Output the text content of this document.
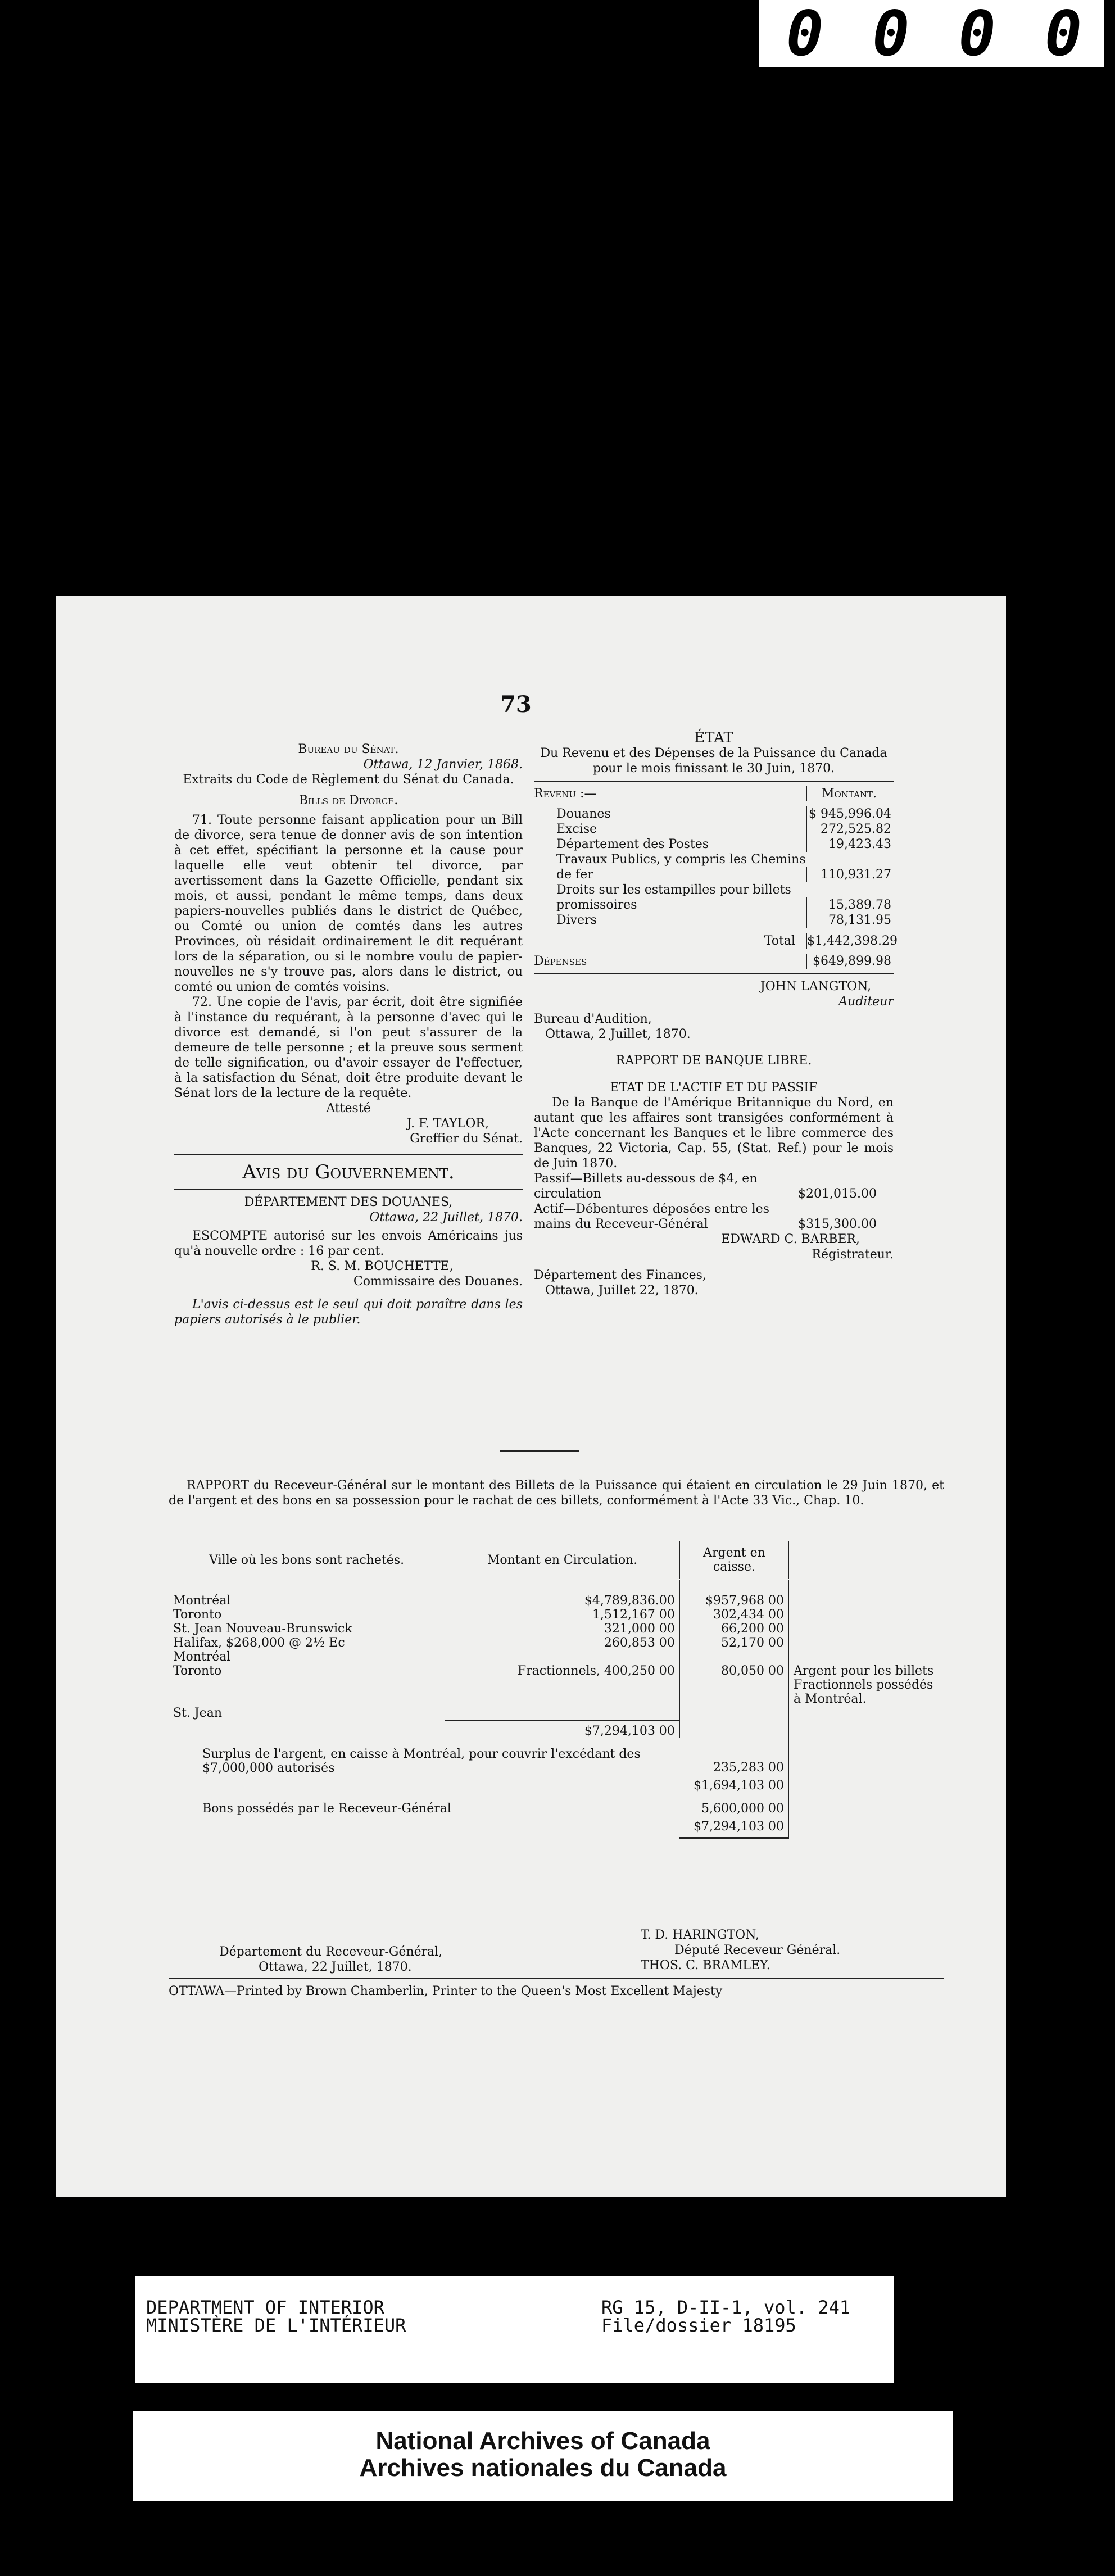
0 0 0 0
73
Bureau du Sénat.
Ottawa, 12 Janvier, 1868.
Extraits du Code de Règlement du Sénat du Canada.
Bills de Divorce.

71. Toute personne faisant application pour un Bill de divorce, sera tenue de donner avis de son intention à cet effet, spécifiant la personne et la cause pour laquelle elle veut obtenir tel divorce, par avertissement dans la Gazette Officielle, pendant six mois, et aussi, pendant le même temps, dans deux papiers-nouvelles publiés dans le district de Québec, ou Comté ou union de comtés dans les autres Provinces, où résidait ordinairement le dit requérant lors de la séparation, ou si le nombre voulu de papier-nouvelles ne s'y trouve pas, alors dans le district, ou comté ou union de comtés voisins.

72. Une copie de l'avis, par écrit, doit être signifiée à l'instance du requérant, à la personne d'avec qui le divorce est demandé, si l'on peut s'assurer de la demeure de telle personne ; et la preuve sous serment de telle signification, ou d'avoir essayer de l'effectuer, à la satisfaction du Sénat, doit être produite devant le Sénat lors de la lecture de la requête.

Attesté
J. F. TAYLOR,
Greffier du Sénat.
Avis du Gouvernement.
DÉPARTEMENT DES DOUANES,
Ottawa, 22 Juillet, 1870.

ESCOMPTE autorisé sur les envois Américains jus qu'à nouvelle ordre : 16 par cent.

R. S. M. BOUCHETTE,
Commissaire des Douanes.

L'avis ci-dessus est le seul qui doit paraître dans les papiers autorisés à le publier.

ÉTAT
Du Revenu et des Dépenses de la Puissance du Canada pour le mois finissant le 30 Juin, 1870.
Revenu :—	Montant.
Douanes	$ 945,996.04
Excise	272,525.82
Département des Postes	19,423.43
Travaux Publics, y compris les Chemins de fer	110,931.27
Droits sur les estampilles pour billets promissoires	15,389.78
Divers	78,131.95
Total $1,442,398.29
Dépenses	$649,899.98
JOHN LANGTON,
Auditeur
Bureau d'Audition,
Ottawa, 2 Juillet, 1870.
RAPPORT DE BANQUE LIBRE.
ETAT DE L'ACTIF ET DU PASSIF

De la Banque de l'Amérique Britannique du Nord, en autant que les affaires sont transigées conformément à l'Acte concernant les Banques et le libre commerce des Banques, 22 Victoria, Cap. 55, (Stat. Ref.) pour le mois de Juin 1870.

Passif—Billets au-dessous de $4, en circulation	$201,015.00
Actif—Débentures déposées entre les mains du Receveur-Général	$315,300.00
EDWARD C. BARBER,
Régistrateur.
Département des Finances,
Ottawa, Juillet 22, 1870.

RAPPORT du Receveur-Général sur le montant des Billets de la Puissance qui étaient en circulation le 29 Juin 1870, et de l'argent et des bons en sa possession pour le rachat de ces billets, conformément à l'Acte 33 Vic., Chap. 10.

Ville où les bons sont rachetés.	Montant en Circulation.	Argent en caisse.	

Montréal	$4,789,836.00	$957,968 00	
Toronto	1,512,167 00	302,434 00	
St. Jean Nouveau-Brunswick	321,000 00	66,200 00	
Halifax, $268,000 @ 2½ Ec	260,853 00	52,170 00	
Montréal			
Toronto	Fractionnels, 400,250 00	80,050 00	Argent pour les billets Fractionnels possédés à Montréal.
St. Jean			
	$7,294,103 00		
Surplus de l'argent, en caisse à Montréal, pour couvrir l'excédant des $7,000,000 autorisés		235,283 00	
		$1,694,103 00	
Bons possédés par le Receveur-Général		5,600,000 00	
		$7,294,103 00	
Département du Receveur-Général,
Ottawa, 22 Juillet, 1870.
T. D. HARINGTON,
Député Receveur Général.
THOS. C. BRAMLEY.
OTTAWA—Printed by Brown Chamberlin, Printer to the Queen's Most Excellent Majesty
DEPARTMENT OF INTERIOR
MINISTÈRE DE L'INTÉRIEUR
RG 15, D-II-1, vol. 241
File/dossier 18195
National Archives of Canada
Archives nationales du Canada
